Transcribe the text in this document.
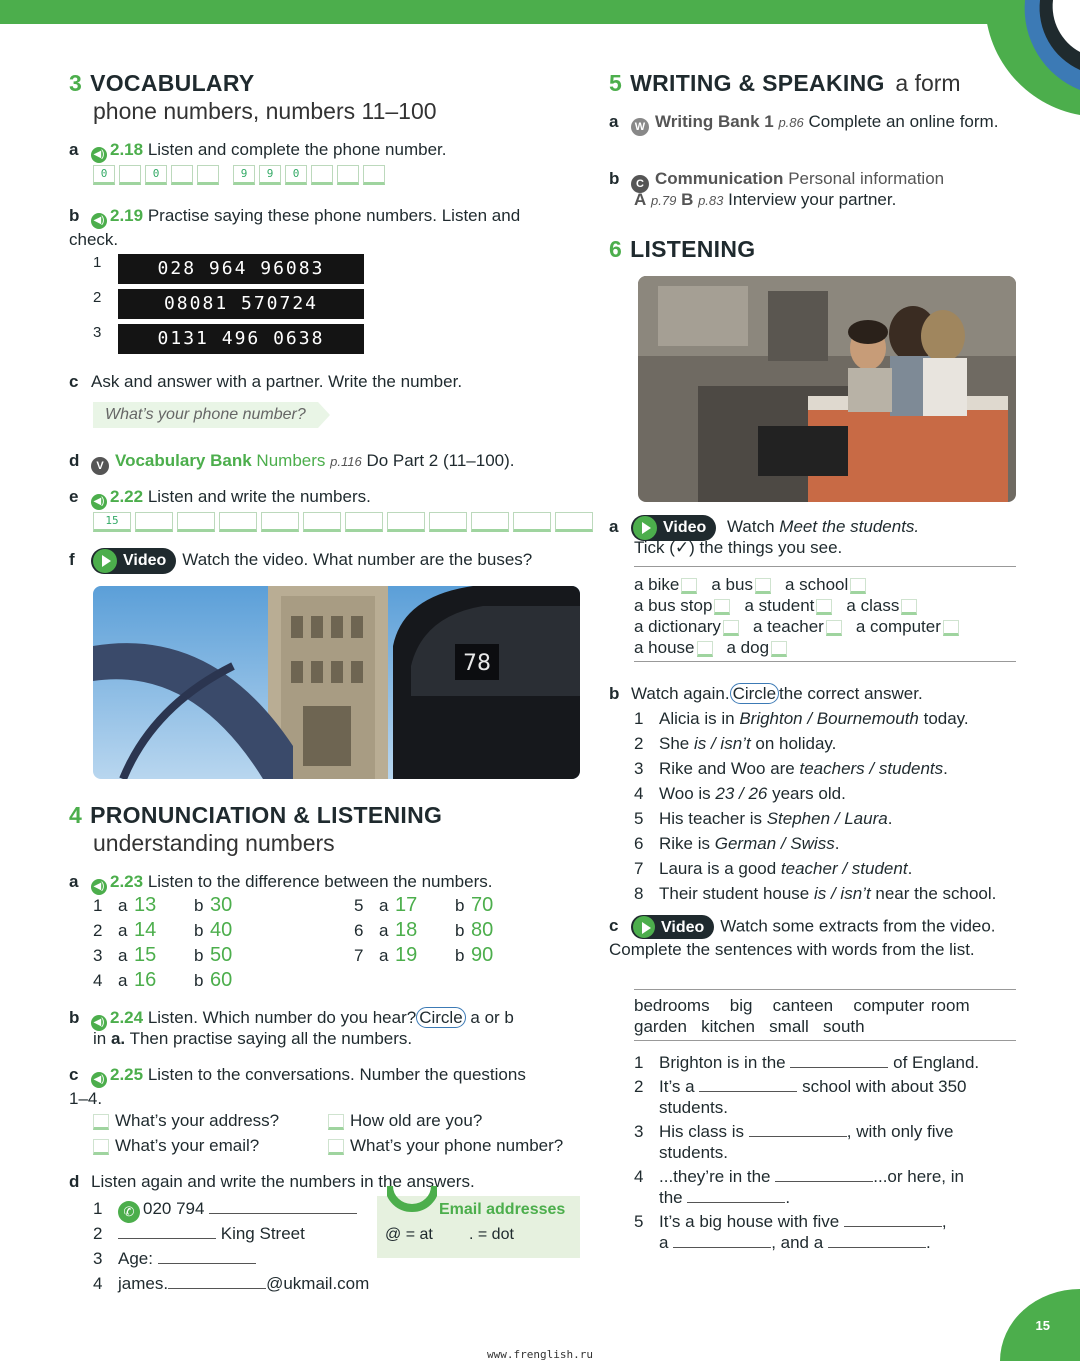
15
www.frenglish.ru
3 VOCABULARY
phone numbers, numbers 11–100
a ◀) 2.18 Listen and complete the phone number.
0	0	9 9 0
b ◀) 2.19 Practise saying these phone numbers. Listen and check.
1	028 964 96083
2	08081 570724
3	0131 496 0638
c Ask and answer with a partner. Write the number.
What’s your phone number?
d V Vocabulary Bank Numbers p.116 Do Part 2 (11–100).
e ◀) 2.22 Listen and write the numbers.
15
f	Video Watch the video. What number are the buses?
78
4 PRONUNCIATION & LISTENING
understanding numbers
a ◀) 2.23 Listen to the difference between the numbers.
1 a 13 b 30
2 a 14 b 40
3 a 15 b 50
4 a 16 b 60
5 a 17 b 70
6 a 18 b 80
7 a 19 b 90
b ◀) 2.24 Listen. Which number do you hear? Circle a or b
in a. Then practise saying all the numbers.
c ◀) 2.25 Listen to the conversations. Number the questions 1–4.
What’s your address?	How old are you?
What’s your email?	What’s your phone number?
d Listen again and write the numbers in the answers.
1 ✆ 020 794
2	King Street
3 Age:
4 james.	@ukmail.com
Email addresses
@ = at . = dot
5 WRITING & SPEAKING a form
a W Writing Bank 1 p.86 Complete an online form.
b C Communication Personal information
A p.79 B p.83 Interview your partner.
6 LISTENING
a	Video Watch Meet the students.
Tick (✓) the things you see.
a bike a bus a school
a bus stop a student a class
a dictionary a teacher a computer
a house a dog
b Watch again. Circle the correct answer.
1 Alicia is in Brighton / Bournemouth today.
2 She is / isn’t on holiday.
3 Rike and Woo are teachers / students.
4 Woo is 23 / 26 years old.
5 His teacher is Stephen / Laura.
6 Rike is German / Swiss.
7 Laura is a good teacher / student.
8 Their student house is / isn’t near the school.
c	Video Watch some extracts from the video. Complete the sentences with words from the list.
bedrooms big canteen computer room
garden kitchen small south
1 Brighton is in the	of England.
2 It’s a	school with about 350
students.
3 His class is	, with only five
students.
4 ...they’re in the	...or here, in
the	.
5 It’s a big house with five	,
a	, and a	.
